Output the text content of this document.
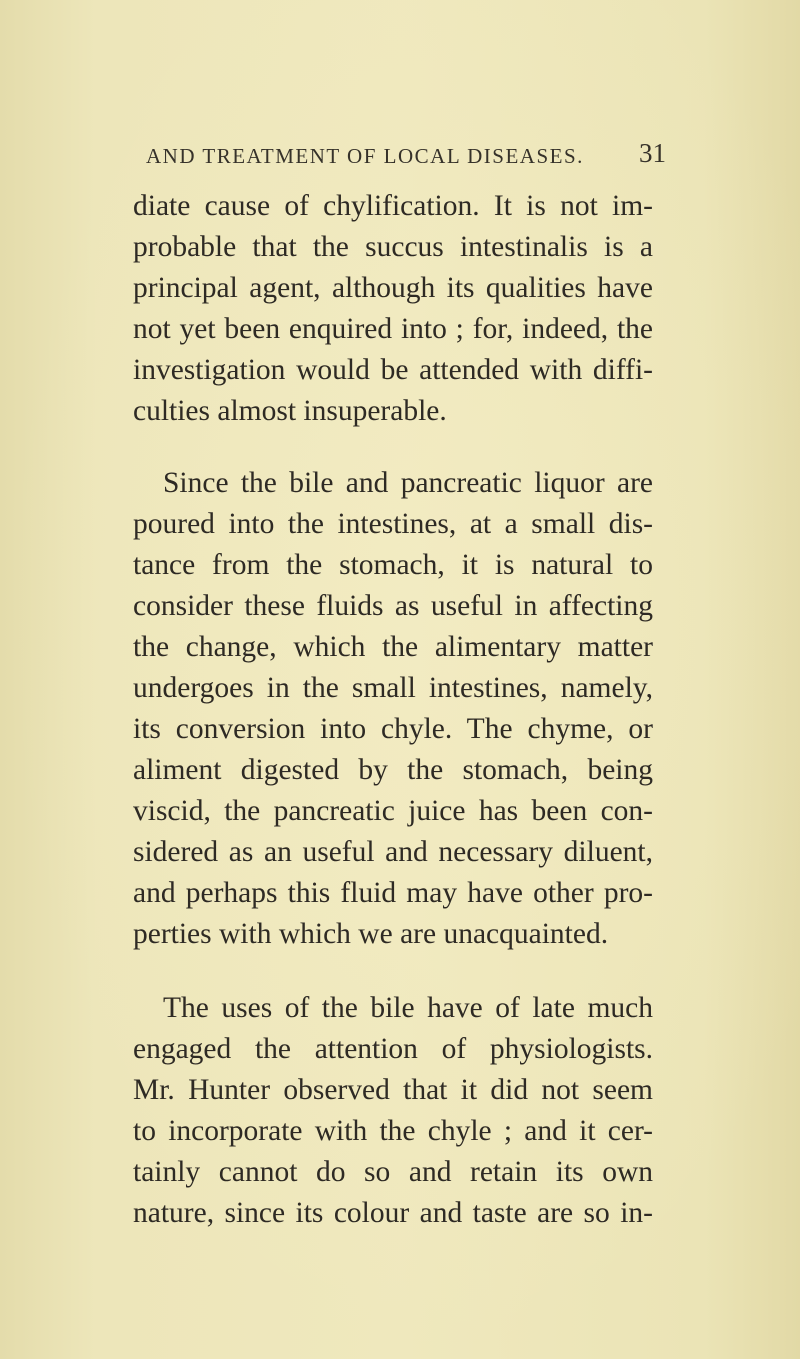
AND TREATMENT OF LOCAL DISEASES. 31
diate cause of chylification. It is not im-
probable that the succus intestinalis is a
principal agent, although its qualities have
not yet been enquired into ; for, indeed, the
investigation would be attended with diffi-
culties almost insuperable.
Since the bile and pancreatic liquor are
poured into the intestines, at a small dis-
tance from the stomach, it is natural to
consider these fluids as useful in affecting
the change, which the alimentary matter
undergoes in the small intestines, namely,
its conversion into chyle. The chyme, or
aliment digested by the stomach, being
viscid, the pancreatic juice has been con-
sidered as an useful and necessary diluent,
and perhaps this fluid may have other pro-
perties with which we are unacquainted.
The uses of the bile have of late much
engaged the attention of physiologists.
Mr. Hunter observed that it did not seem
to incorporate with the chyle ; and it cer-
tainly cannot do so and retain its own
nature, since its colour and taste are so in-
